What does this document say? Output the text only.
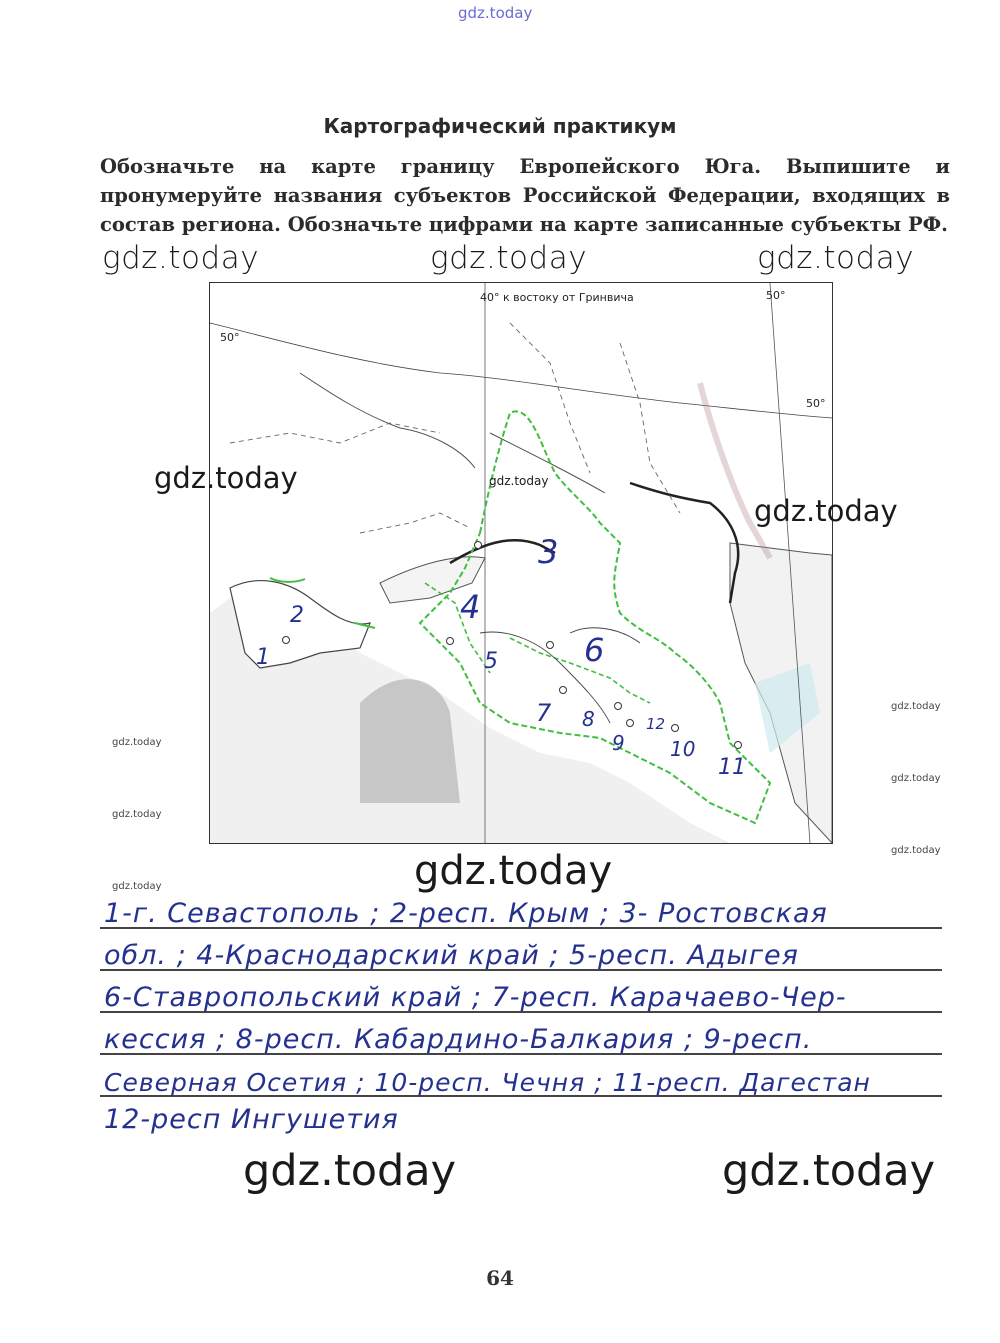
gdz.today
gdz.today	gdz.today	gdz.today
Картографический практикум
Обозначьте на карте границу Европейского Юга. Выпишите и пронумеруйте названия субъектов Российской Федерации, входящих в состав региона. Обозначьте цифрами на карте записанные субъекты РФ.
40° к востоку от Гринвича	50°
50°
50°
1
2
3
4
5	6
7 8
9 10
11
12
gdz.today	gdz.today
gdz.today
gdz.today
gdz.today
gdz.today
gdz.today
gdz.today
gdz.today	gdz.today
1-г. Севастополь ; 2-респ. Крым ; 3- Ростовская
обл. ; 4-Краснодарский край ; 5-респ. Адыгея
6-Ставропольский край ; 7-респ. Карачаево-Чер-
кессия ; 8-респ. Кабардино-Балкария ; 9-респ.
Северная Осетия ; 10-респ. Чечня ; 11-респ. Дагестан
12-респ Ингушетия
gdz.today	gdz.today
64
